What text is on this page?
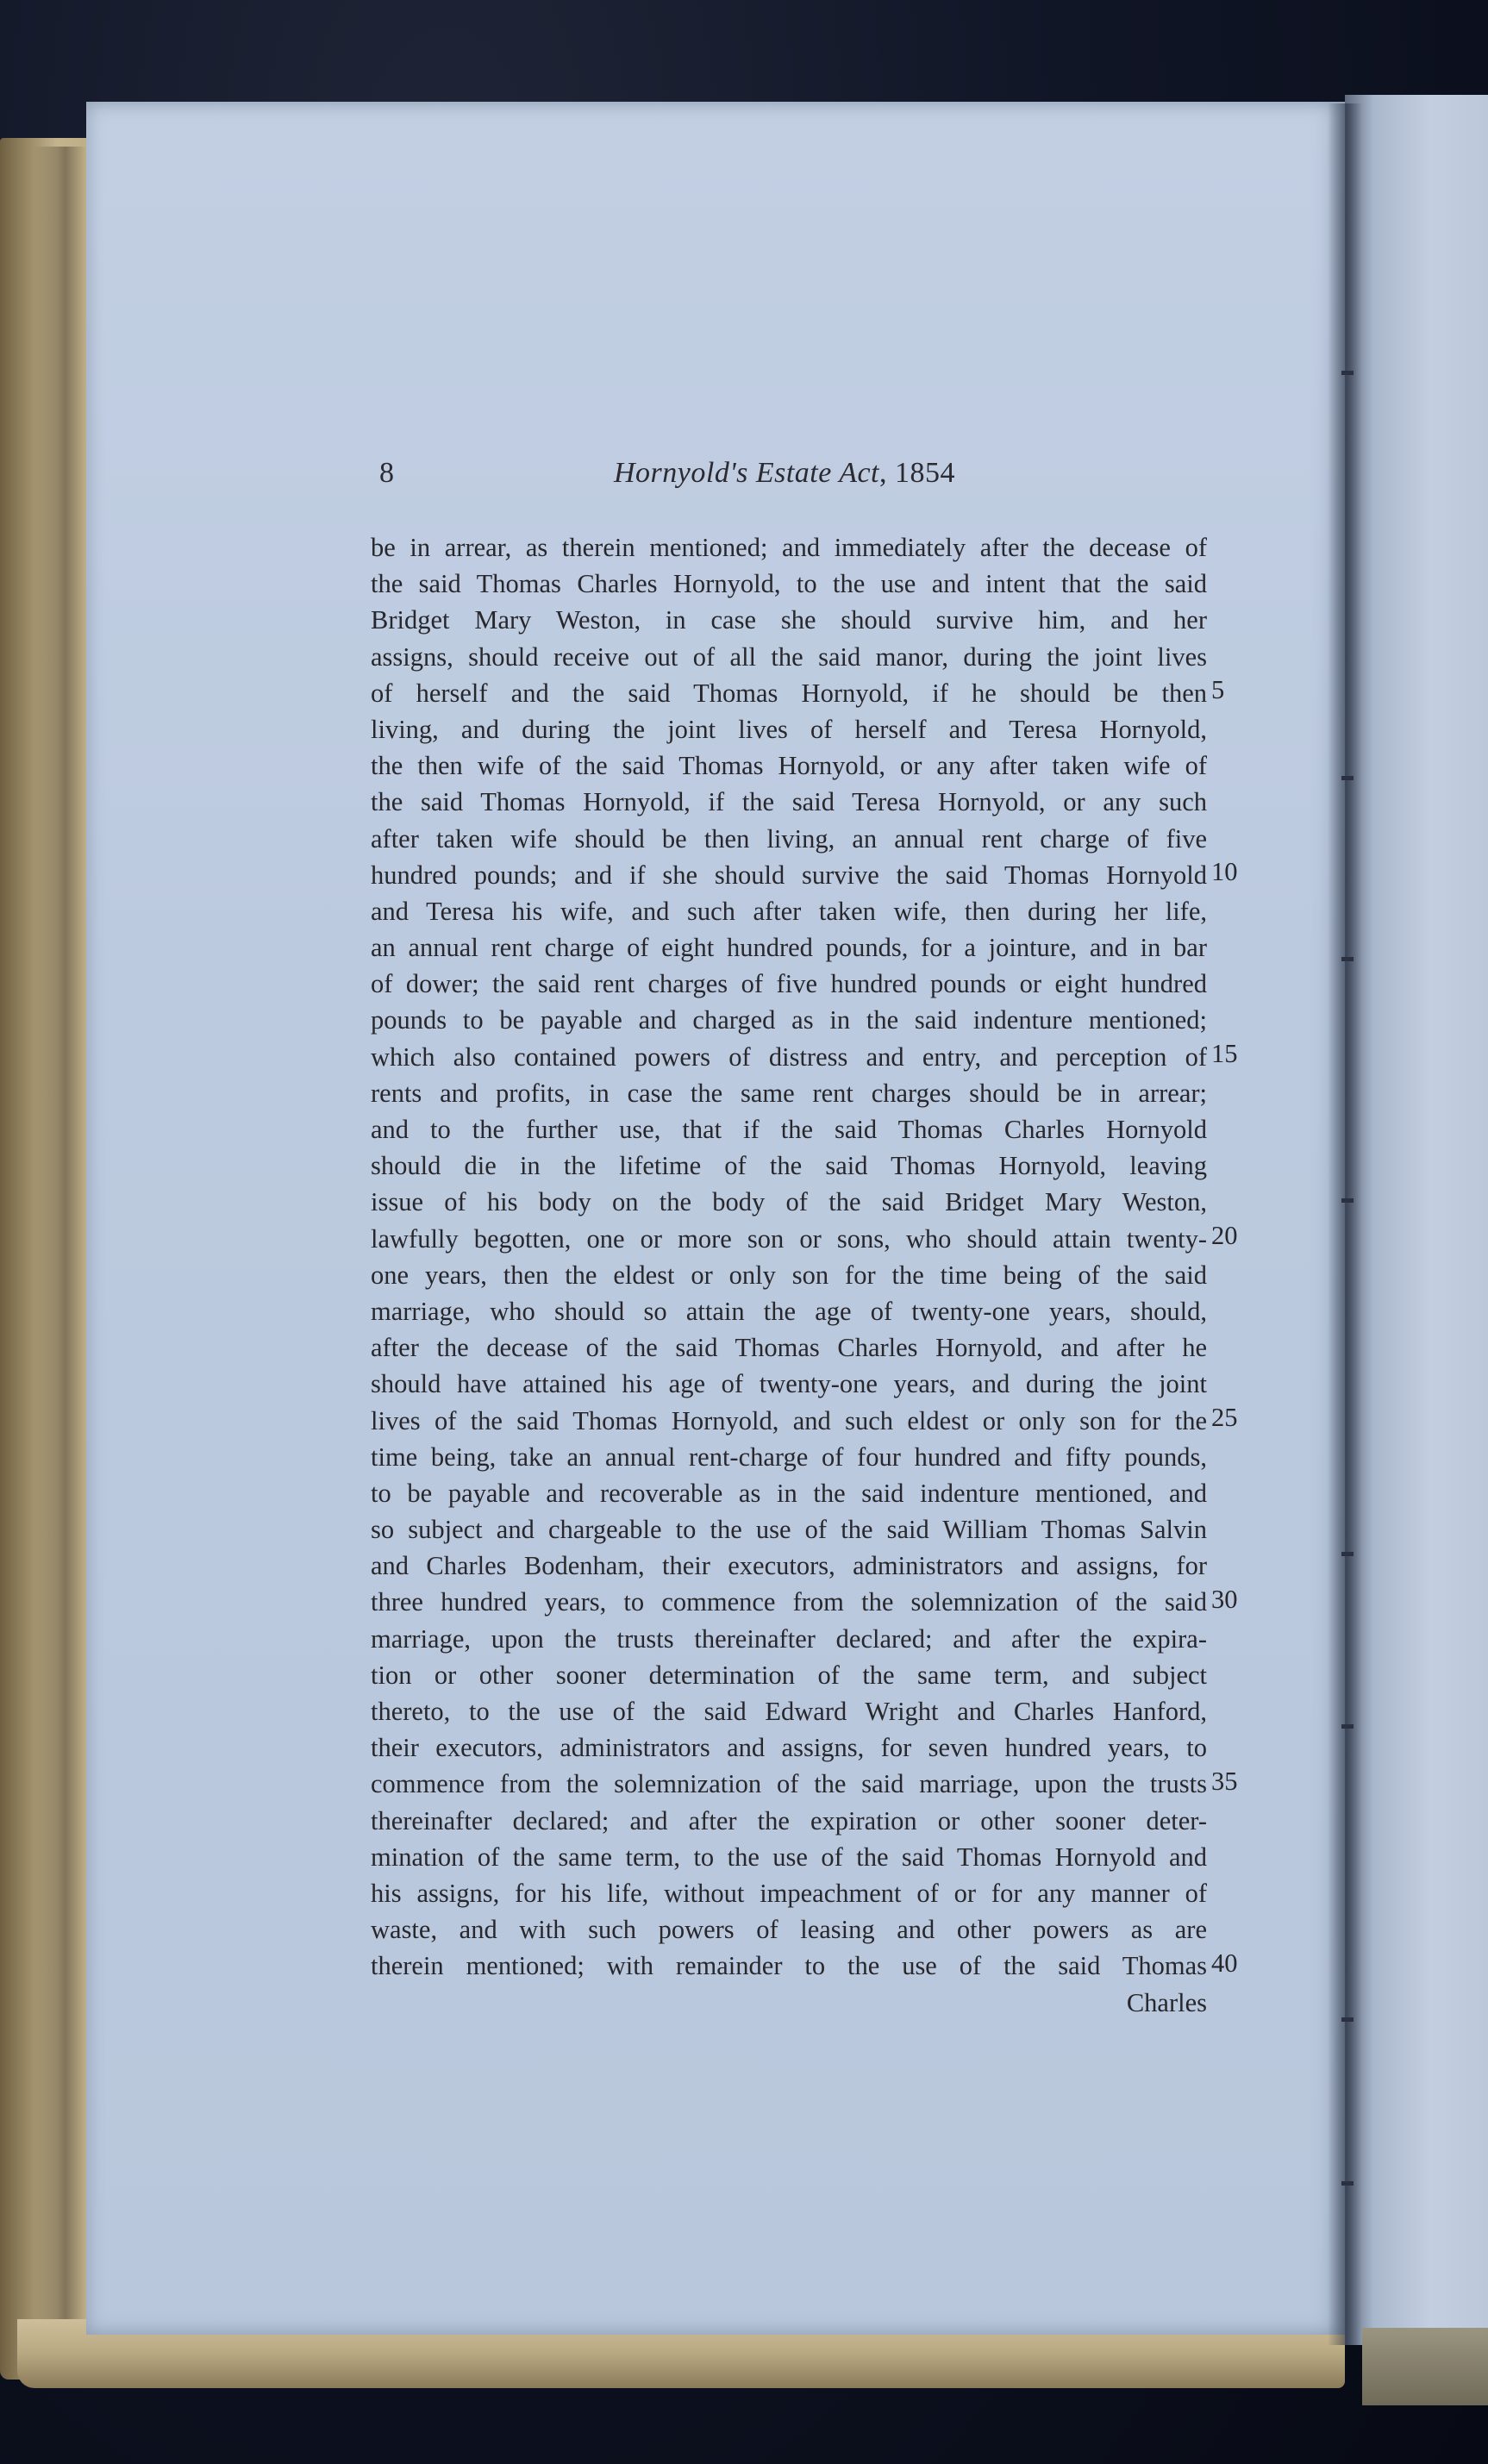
8	Hornyold's Estate Act, 1854
be in arrear, as therein mentioned; and immediately after the decease of
the said Thomas Charles Hornyold, to the use and intent that the said
Bridget Mary Weston, in case she should survive him, and her
assigns, should receive out of all the said manor, during the joint lives
of herself and the said Thomas Hornyold, if he should be then
living, and during the joint lives of herself and Teresa Hornyold,
the then wife of the said Thomas Hornyold, or any after taken wife of
the said Thomas Hornyold, if the said Teresa Hornyold, or any such
after taken wife should be then living, an annual rent charge of five
hundred pounds; and if she should survive the said Thomas Hornyold
and Teresa his wife, and such after taken wife, then during her life,
an annual rent charge of eight hundred pounds, for a jointure, and in bar
of dower; the said rent charges of five hundred pounds or eight hundred
pounds to be payable and charged as in the said indenture mentioned;
which also contained powers of distress and entry, and perception of
rents and profits, in case the same rent charges should be in arrear;
and to the further use, that if the said Thomas Charles Hornyold
should die in the lifetime of the said Thomas Hornyold, leaving
issue of his body on the body of the said Bridget Mary Weston,
lawfully begotten, one or more son or sons, who should attain twenty-
one years, then the eldest or only son for the time being of the said
marriage, who should so attain the age of twenty-one years, should,
after the decease of the said Thomas Charles Hornyold, and after he
should have attained his age of twenty-one years, and during the joint
lives of the said Thomas Hornyold, and such eldest or only son for the
time being, take an annual rent-charge of four hundred and fifty pounds,
to be payable and recoverable as in the said indenture mentioned, and
so subject and chargeable to the use of the said William Thomas Salvin
and Charles Bodenham, their executors, administrators and assigns, for
three hundred years, to commence from the solemnization of the said
marriage, upon the trusts thereinafter declared; and after the expira-
tion or other sooner determination of the same term, and subject
thereto, to the use of the said Edward Wright and Charles Hanford,
their executors, administrators and assigns, for seven hundred years, to
commence from the solemnization of the said marriage, upon the trusts
thereinafter declared; and after the expiration or other sooner deter-
mination of the same term, to the use of the said Thomas Hornyold and
his assigns, for his life, without impeachment of or for any manner of
waste, and with such powers of leasing and other powers as are
therein mentioned; with remainder to the use of the said Thomas
Charles
5
10
15
20
25
30
35
40
